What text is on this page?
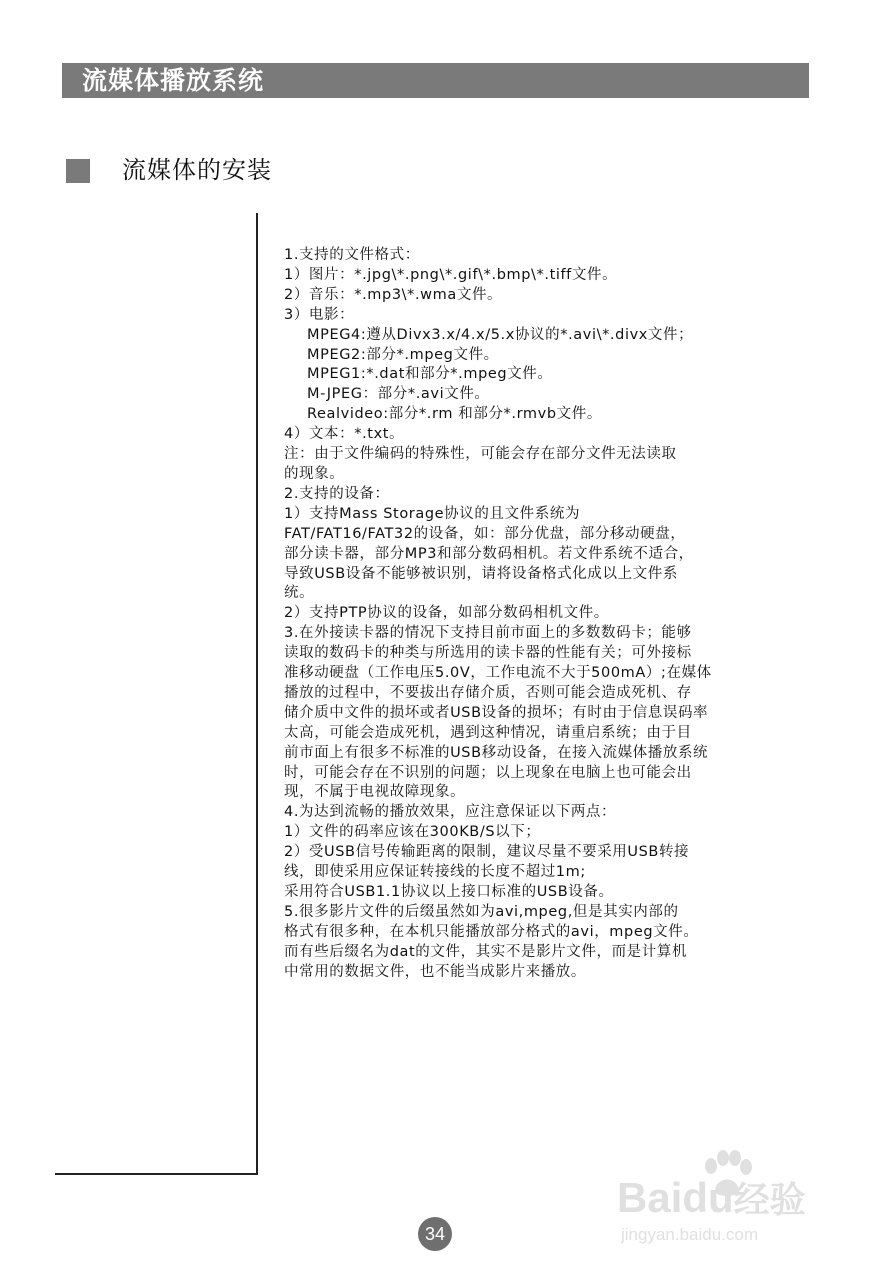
流媒体播放系统
流媒体的安装
1.支持的文件格式：
1）图片：*.jpg\*.png\*.gif\*.bmp\*.tiff文件。
2）音乐：*.mp3\*.wma文件。
3）电影：
MPEG4:遵从Divx3.x/4.x/5.x协议的*.avi\*.divx文件；
MPEG2:部分*.mpeg文件。
MPEG1:*.dat和部分*.mpeg文件。
M-JPEG：部分*.avi文件。
Realvideo:部分*.rm 和部分*.rmvb文件。
4）文本：*.txt。
注：由于文件编码的特殊性，可能会存在部分文件无法读取
的现象。
2.支持的设备：
1）支持Mass Storage协议的且文件系统为
FAT/FAT16/FAT32的设备，如：部分优盘，部分移动硬盘，
部分读卡器，部分MP3和部分数码相机。若文件系统不适合，
导致USB设备不能够被识别，请将设备格式化成以上文件系
统。
2）支持PTP协议的设备，如部分数码相机文件。
3.在外接读卡器的情况下支持目前市面上的多数数码卡；能够
读取的数码卡的种类与所选用的读卡器的性能有关；可外接标
准移动硬盘（工作电压5.0V，工作电流不大于500mA）;在媒体
播放的过程中，不要拔出存储介质，否则可能会造成死机、存
储介质中文件的损坏或者USB设备的损坏；有时由于信息误码率
太高，可能会造成死机，遇到这种情况，请重启系统；由于目
前市面上有很多不标准的USB移动设备，在接入流媒体播放系统
时，可能会存在不识别的问题；以上现象在电脑上也可能会出
现，不属于电视故障现象。
4.为达到流畅的播放效果，应注意保证以下两点：
1）文件的码率应该在300KB/S以下；
2）受USB信号传输距离的限制，建议尽量不要采用USB转接
线，即使采用应保证转接线的长度不超过1m;
采用符合USB1.1协议以上接口标准的USB设备。
5.很多影片文件的后缀虽然如为avi,mpeg,但是其实内部的
格式有很多种，在本机只能播放部分格式的avi，mpeg文件。
而有些后缀名为dat的文件，其实不是影片文件，而是计算机
中常用的数据文件，也不能当成影片来播放。
34
Baidu经验
jingyan.baidu.com
